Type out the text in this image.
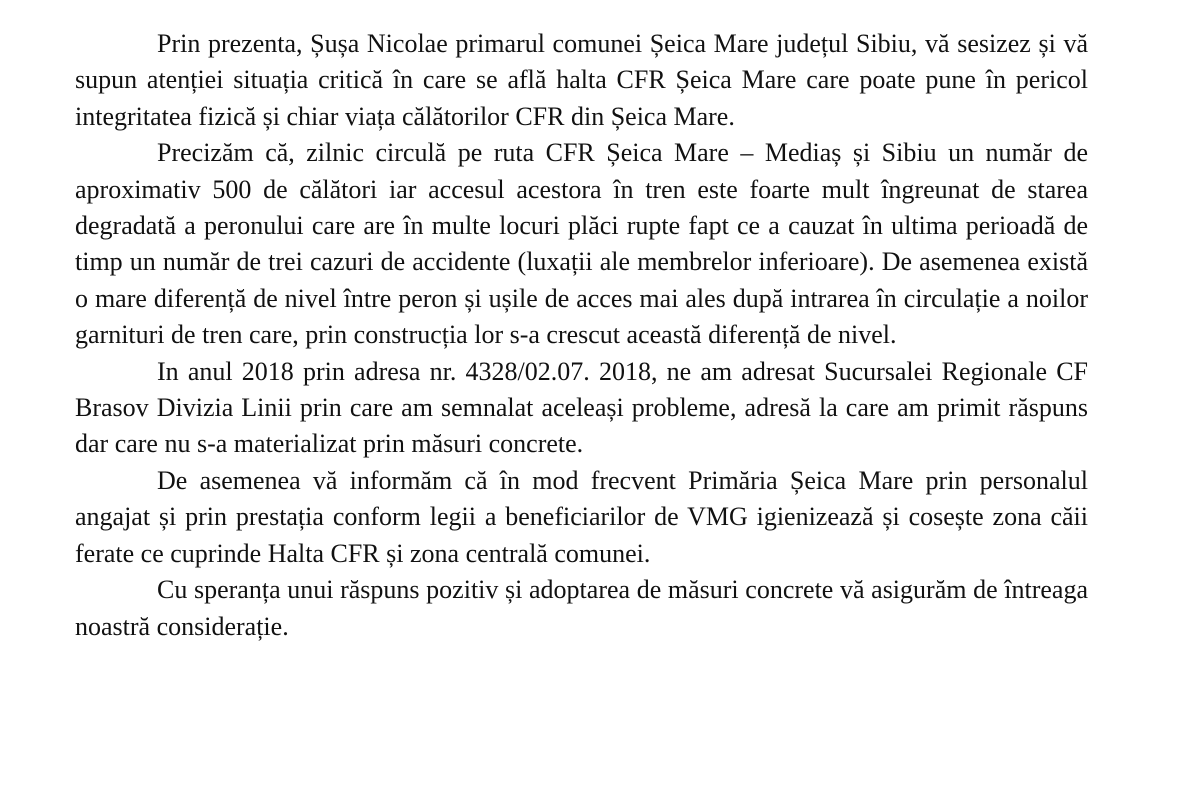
Prin prezenta, Șușa Nicolae primarul comunei Șeica Mare județul Sibiu, vă sesizez și vă supun atenției situația critică în care se află halta CFR Șeica Mare care poate pune în pericol integritatea fizică și chiar viața călătorilor CFR din Șeica Mare.

Precizăm că, zilnic circulă pe ruta CFR Șeica Mare – Mediaș și Sibiu un număr de aproximativ 500 de călători iar accesul acestora în tren este foarte mult îngreunat de starea degradată a peronului care are în multe locuri plăci rupte fapt ce a cauzat în ultima perioadă de timp un număr de trei cazuri de accidente (luxații ale membrelor inferioare). De asemenea există o mare diferență de nivel între peron și ușile de acces mai ales după intrarea în circulație a noilor garnituri de tren care, prin construcția lor s-a crescut această diferență de nivel.

In anul 2018 prin adresa nr. 4328/02.07. 2018, ne am adresat Sucursalei Regionale CF Brasov Divizia Linii prin care am semnalat aceleași probleme, adresă la care am primit răspuns dar care nu s-a materializat prin măsuri concrete.

De asemenea vă informăm că în mod frecvent Primăria Șeica Mare prin personalul angajat și prin prestația conform legii a beneficiarilor de VMG igienizează și cosește zona căii ferate ce cuprinde Halta CFR și zona centrală comunei.

Cu speranța unui răspuns pozitiv și adoptarea de măsuri concrete vă asigurăm de întreaga noastră considerație.
